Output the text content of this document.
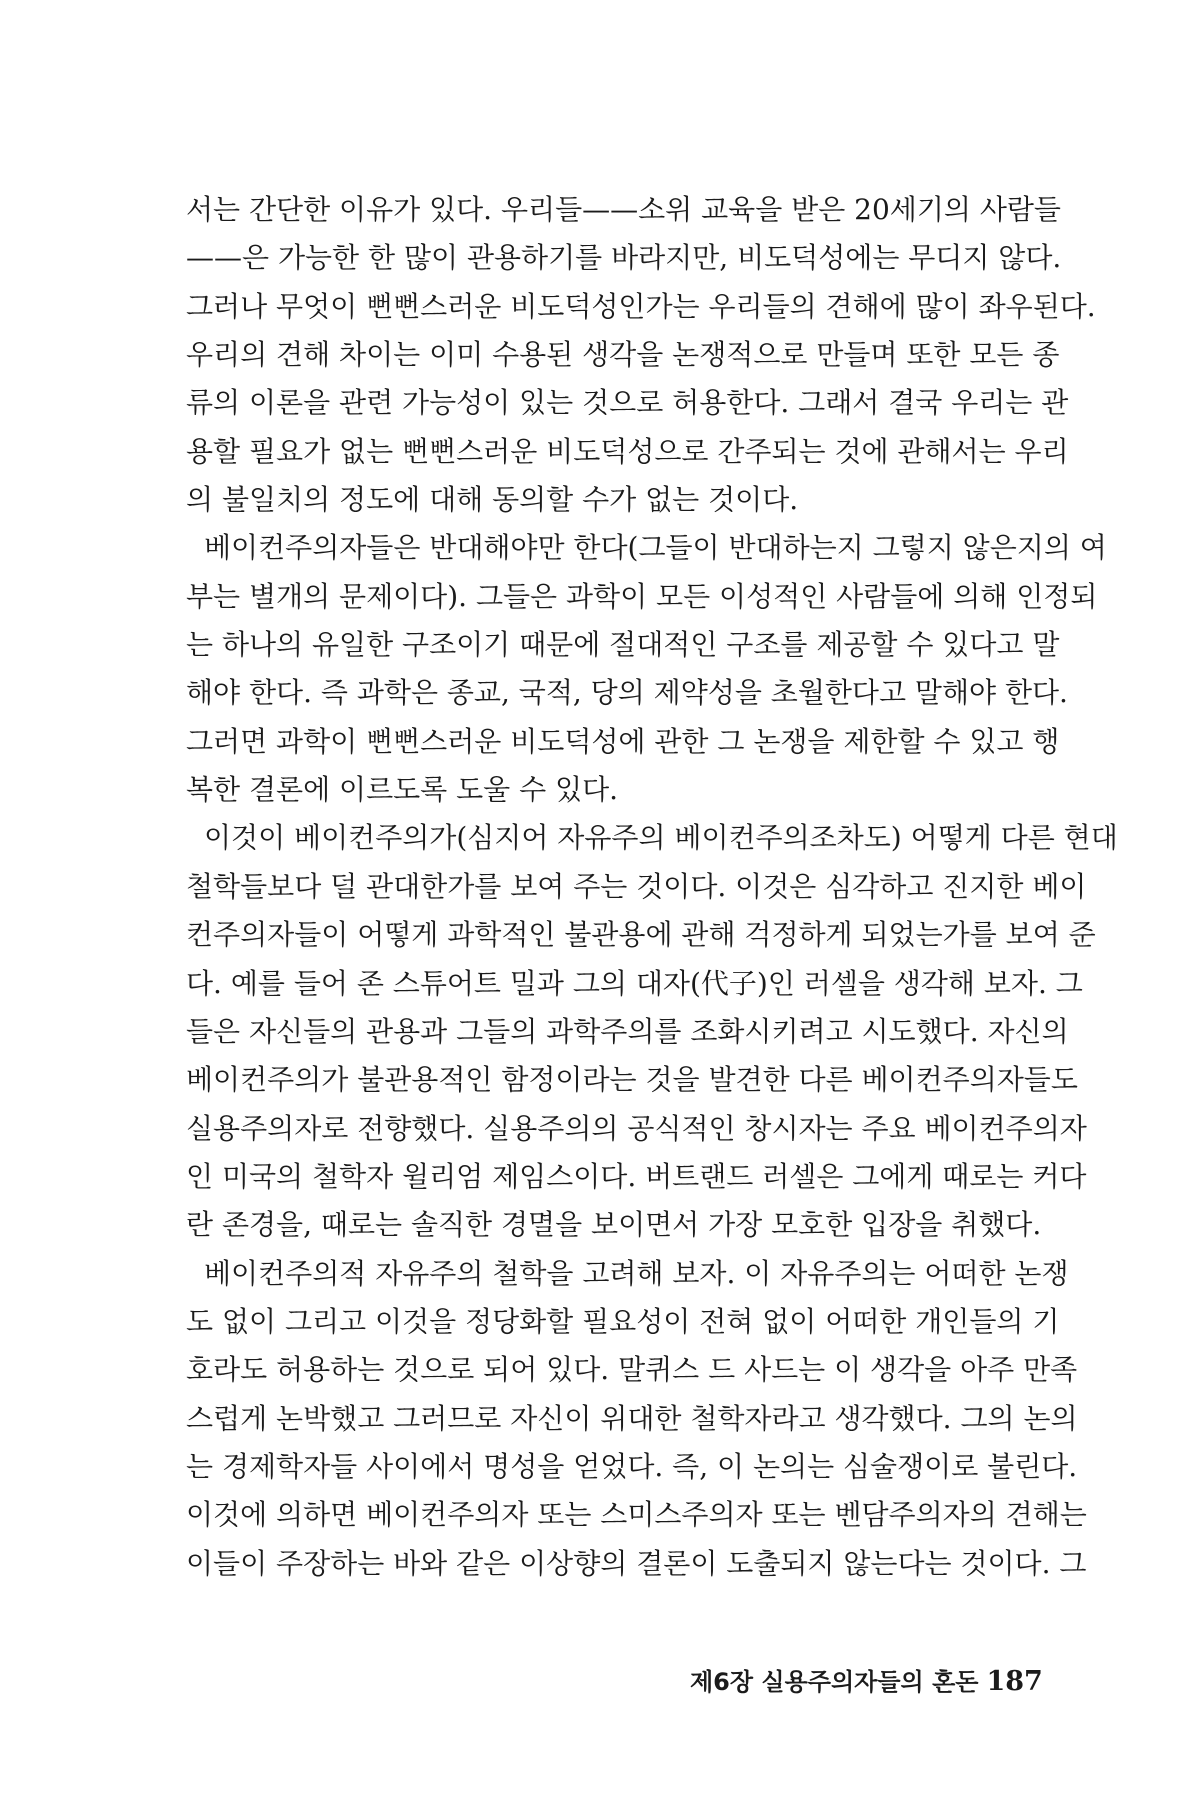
서는 간단한 이유가 있다. 우리들——소위 교육을 받은 20세기의 사람들
——은 가능한 한 많이 관용하기를 바라지만, 비도덕성에는 무디지 않다.
그러나 무엇이 뻔뻔스러운 비도덕성인가는 우리들의 견해에 많이 좌우된다.
우리의 견해 차이는 이미 수용된 생각을 논쟁적으로 만들며 또한 모든 종
류의 이론을 관련 가능성이 있는 것으로 허용한다. 그래서 결국 우리는 관
용할 필요가 없는 뻔뻔스러운 비도덕성으로 간주되는 것에 관해서는 우리
의 불일치의 정도에 대해 동의할 수가 없는 것이다.
베이컨주의자들은 반대해야만 한다(그들이 반대하는지 그렇지 않은지의 여
부는 별개의 문제이다). 그들은 과학이 모든 이성적인 사람들에 의해 인정되
는 하나의 유일한 구조이기 때문에 절대적인 구조를 제공할 수 있다고 말
해야 한다. 즉 과학은 종교, 국적, 당의 제약성을 초월한다고 말해야 한다.
그러면 과학이 뻔뻔스러운 비도덕성에 관한 그 논쟁을 제한할 수 있고 행
복한 결론에 이르도록 도울 수 있다.
이것이 베이컨주의가(심지어 자유주의 베이컨주의조차도) 어떻게 다른 현대
철학들보다 덜 관대한가를 보여 주는 것이다. 이것은 심각하고 진지한 베이
컨주의자들이 어떻게 과학적인 불관용에 관해 걱정하게 되었는가를 보여 준
다. 예를 들어 존 스튜어트 밀과 그의 대자(代子)인 러셀을 생각해 보자. 그
들은 자신들의 관용과 그들의 과학주의를 조화시키려고 시도했다. 자신의
베이컨주의가 불관용적인 함정이라는 것을 발견한 다른 베이컨주의자들도
실용주의자로 전향했다. 실용주의의 공식적인 창시자는 주요 베이컨주의자
인 미국의 철학자 윌리엄 제임스이다. 버트랜드 러셀은 그에게 때로는 커다
란 존경을, 때로는 솔직한 경멸을 보이면서 가장 모호한 입장을 취했다.
베이컨주의적 자유주의 철학을 고려해 보자. 이 자유주의는 어떠한 논쟁
도 없이 그리고 이것을 정당화할 필요성이 전혀 없이 어떠한 개인들의 기
호라도 허용하는 것으로 되어 있다. 말퀴스 드 사드는 이 생각을 아주 만족
스럽게 논박했고 그러므로 자신이 위대한 철학자라고 생각했다. 그의 논의
는 경제학자들 사이에서 명성을 얻었다. 즉, 이 논의는 심술쟁이로 불린다.
이것에 의하면 베이컨주의자 또는 스미스주의자 또는 벤담주의자의 견해는
이들이 주장하는 바와 같은 이상향의 결론이 도출되지 않는다는 것이다. 그
제6장 실용주의자들의 혼돈 187
